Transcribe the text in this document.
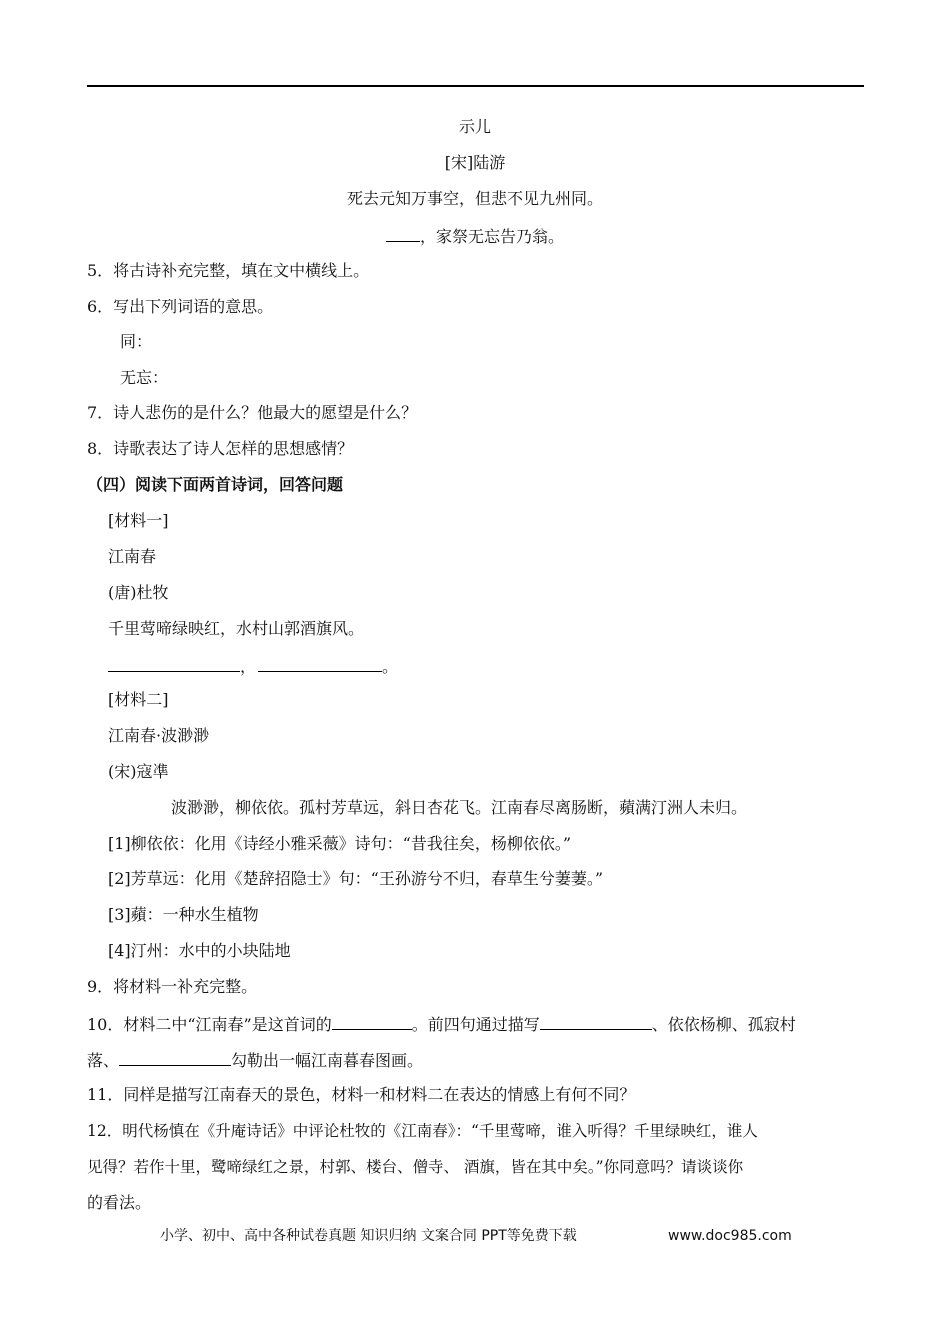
示儿
[宋]陆游
死去元知万事空，但悲不见九州同。
，家祭无忘告乃翁。
5．将古诗补充完整，填在文中横线上。
6．写出下列词语的意思。
同：
无忘：
7．诗人悲伤的是什么？他最大的愿望是什么？
8．诗歌表达了诗人怎样的思想感情？
（四）阅读下面两首诗词，回答问题
[材料一]
江南春
(唐)杜牧
千里莺啼绿映红，水村山郭酒旗风。
，	。
[材料二]
江南春·波渺渺
(宋)寇凖
波渺渺，柳依依。孤村芳草远，斜日杏花飞。江南春尽离肠断，蘋满汀洲人未归。
[1]柳依依：化用《诗经小雅采薇》诗句：“昔我往矣，杨柳依依。”
[2]芳草远：化用《楚辞招隐士》句：“王孙游兮不归，春草生兮萋萋。”
[3]蘋：一种水生植物
[4]汀州：水中的小块陆地
9．将材料一补充完整。
10．材料二中“江南春”是这首词的	。前四句通过描写	、依依杨柳、孤寂村
落、	勾勒出一幅江南暮春图画。
11．同样是描写江南春天的景色，材料一和材料二在表达的情感上有何不同？
12．明代杨慎在《升庵诗话》中评论杜牧的《江南春》：“千里莺啼，谁入听得？千里绿映红，谁人
见得？若作十里，鹭啼绿红之景，村郭、楼台、僧寺、 酒旗，皆在其中矣。”你同意吗？请谈谈你
的看法。
小学、初中、高中各种试卷真题 知识归纳 文案合同 PPT等免费下载	www.doc985.com
